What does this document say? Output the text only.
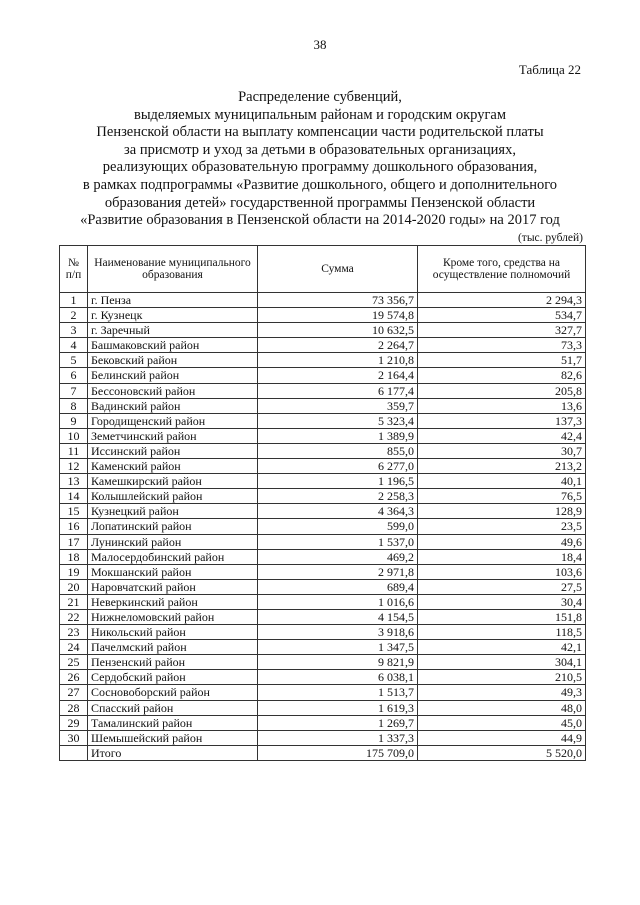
38
Таблица 22
Распределение субвенций,
выделяемых муниципальным районам и городским округам
Пензенской области на выплату компенсации части родительской платы
за присмотр и уход за детьми в образовательных организациях,
реализующих образовательную программу дошкольного образования,
в рамках подпрограммы «Развитие дошкольного, общего и дополнительного
образования детей» государственной программы Пензенской области
«Развитие образования в Пензенской области на 2014-2020 годы» на 2017 год
(тыс. рублей)
№ п/п	Наименование муниципального образования	Сумма	Кроме того, средства на осуществление полномочий
1	г. Пенза	73 356,7	2 294,3
2	г. Кузнецк	19 574,8	534,7
3	г. Заречный	10 632,5	327,7
4	Башмаковский район	2 264,7	73,3
5	Бековский район	1 210,8	51,7
6	Белинский район	2 164,4	82,6
7	Бессоновский район	6 177,4	205,8
8	Вадинский район	359,7	13,6
9	Городищенский район	5 323,4	137,3
10	Земетчинский район	1 389,9	42,4
11	Иссинский район	855,0	30,7
12	Каменский район	6 277,0	213,2
13	Камешкирский район	1 196,5	40,1
14	Колышлейский район	2 258,3	76,5
15	Кузнецкий район	4 364,3	128,9
16	Лопатинский район	599,0	23,5
17	Лунинский район	1 537,0	49,6
18	Малосердобинский район	469,2	18,4
19	Мокшанский район	2 971,8	103,6
20	Наровчатский район	689,4	27,5
21	Неверкинский район	1 016,6	30,4
22	Нижнеломовский район	4 154,5	151,8
23	Никольский район	3 918,6	118,5
24	Пачелмский район	1 347,5	42,1
25	Пензенский район	9 821,9	304,1
26	Сердобский район	6 038,1	210,5
27	Сосновоборский район	1 513,7	49,3
28	Спасский район	1 619,3	48,0
29	Тамалинский район	1 269,7	45,0
30	Шемышейский район	1 337,3	44,9
	Итого	175 709,0	5 520,0
